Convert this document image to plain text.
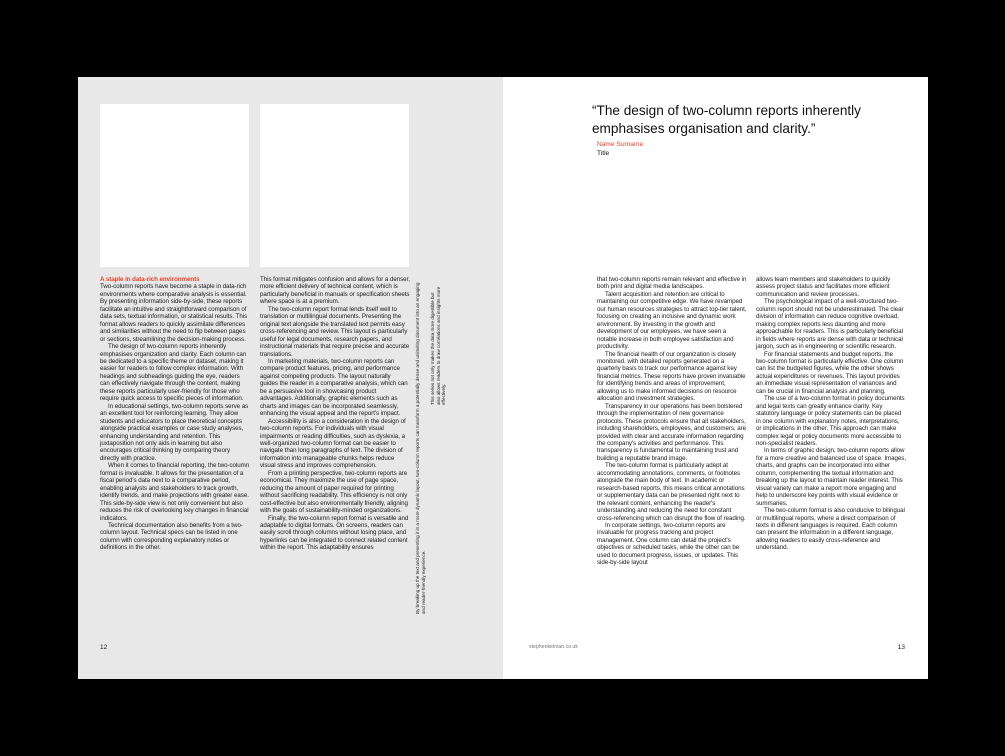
A staple in data-rich environments

Two-column reports have become a staple in data-rich environments where comparative analysis is essential. By presenting information side-by-side, these reports facilitate an intuitive and straightforward comparison of data sets, textual information, or statistical results. This format allows readers to quickly assimilate differences and similarities without the need to flip between pages or sections, streamlining the decision-making process.

The design of two-column reports inherently emphasises organization and clarity. Each column can be dedicated to a specific theme or dataset, making it easier for readers to follow complex information. With headings and subheadings guiding the eye, readers can effectively navigate through the content, making these reports particularly user-friendly for those who require quick access to specific pieces of information.

In educational settings, two-column reports serve as an excellent tool for reinforcing learning. They allow students and educators to place theoretical concepts alongside practical examples or case study analyses, enhancing understanding and retention. This juxtaposition not only aids in learning but also encourages critical thinking by comparing theory directly with practice.

When it comes to financial reporting, the two-column format is invaluable. It allows for the presentation of a fiscal period's data next to a comparative period, enabling analysts and stakeholders to track growth, identify trends, and make projections with greater ease. This side-by-side view is not only convenient but also reduces the risk of overlooking key changes in financial indicators.

Technical documentation also benefits from a two-column layout. Technical specs can be listed in one column with corresponding explanatory notes or definitions in the other.

This format mitigates confusion and allows for a denser, more efficient delivery of technical content, which is particularly beneficial in manuals or specification sheets where space is at a premium.

The two-column report format lends itself well to translation or multilingual documents. Presenting the original text alongside the translated text permits easy cross-referencing and review. This layout is particularly useful for legal documents, research papers, and instructional materials that require precise and accurate translations.

In marketing materials, two-column reports can compare product features, pricing, and performance against competing products. The layout naturally guides the reader in a comparative analysis, which can be a persuasive tool in showcasing product advantages. Additionally, graphic elements such as charts and images can be incorporated seamlessly, enhancing the visual appeal and the report's impact.

Accessibility is also a consideration in the design of two-column reports. For individuals with visual impairments or reading difficulties, such as dyslexia, a well-organized two-column format can be easier to navigate than long paragraphs of text. The division of information into manageable chunks helps reduce visual stress and improves comprehension.

From a printing perspective, two-column reports are economical. They maximize the use of page space, reducing the amount of paper required for printing without sacrificing readability. This efficiency is not only cost-effective but also environmentally friendly, aligning with the goals of sustainability-minded organizations.

Finally, the two-column report format is versatile and adaptable to digital formats. On screens, readers can easily scroll through columns without losing place, and hyperlinks can be integrated to connect related content within the report. This adaptability ensures	By breaking up the text and presenting it in a more dynamic layout, two-column reports can transform a potentially dense and uninviting document into an engaging and reader-friendly experience.
This series not only makes the data more digestible but also allows readers to draw correlations and insights more effectively.
12
“The design of two-column reports inherently emphasises organisation and clarity.”
Name Surname
Title

that two-column reports remain relevant and effective in both print and digital media landscapes.

Talent acquisition and retention are critical to maintaining our competitive edge. We have revamped our human resources strategies to attract top-tier talent, focusing on creating an inclusive and dynamic work environment. By investing in the growth and development of our employees, we have seen a notable increase in both employee satisfaction and productivity.

The financial health of our organization is closely monitored, with detailed reports generated on a quarterly basis to track our performance against key financial metrics. These reports have proven invaluable for identifying trends and areas of improvement, allowing us to make informed decisions on resource allocation and investment strategies.

Transparency in our operations has been bolstered through the implementation of new governance protocols. These protocols ensure that all stakeholders, including shareholders, employees, and customers, are provided with clear and accurate information regarding the company's activities and performance. This transparency is fundamental to maintaining trust and building a reputable brand image.

The two-column format is particularly adept at accommodating annotations, comments, or footnotes alongside the main body of text. In academic or research-based reports, this means critical annotations or supplementary data can be presented right next to the relevant content, enhancing the reader's understanding and reducing the need for constant cross-referencing which can disrupt the flow of reading.

In corporate settings, two-column reports are invaluable for progress tracking and project management. One column can detail the project's objectives or scheduled tasks, while the other can be used to document progress, issues, or updates. This side-by-side layout

allows team members and stakeholders to quickly assess project status and facilitates more efficient communication and review processes.

The psychological impact of a well-structured two-column report should not be underestimated. The clear division of information can reduce cognitive overload, making complex reports less daunting and more approachable for readers. This is particularly beneficial in fields where reports are dense with data or technical jargon, such as in engineering or scientific research.

For financial statements and budget reports, the two-column format is particularly effective. One column can list the budgeted figures, while the other shows actual expenditures or revenues. This layout provides an immediate visual representation of variances and can be crucial in financial analysis and planning.

The use of a two-column format in policy documents and legal texts can greatly enhance clarity. Key statutory language or policy statements can be placed in one column with explanatory notes, interpretations, or implications in the other. This approach can make complex legal or policy documents more accessible to non-specialist readers.

In terms of graphic design, two-column reports allow for a more creative and balanced use of space. Images, charts, and graphs can be incorporated into either column, complementing the textual information and breaking up the layout to maintain reader interest. This visual variety can make a report more engaging and help to underscore key points with visual evidence or summaries.

The two-column format is also conducive to bilingual or multilingual reports, where a direct comparison of texts in different languages is required. Each column can present the information in a different language, allowing readers to easily cross-reference and understand.

stephenkelman.co.uk	13
